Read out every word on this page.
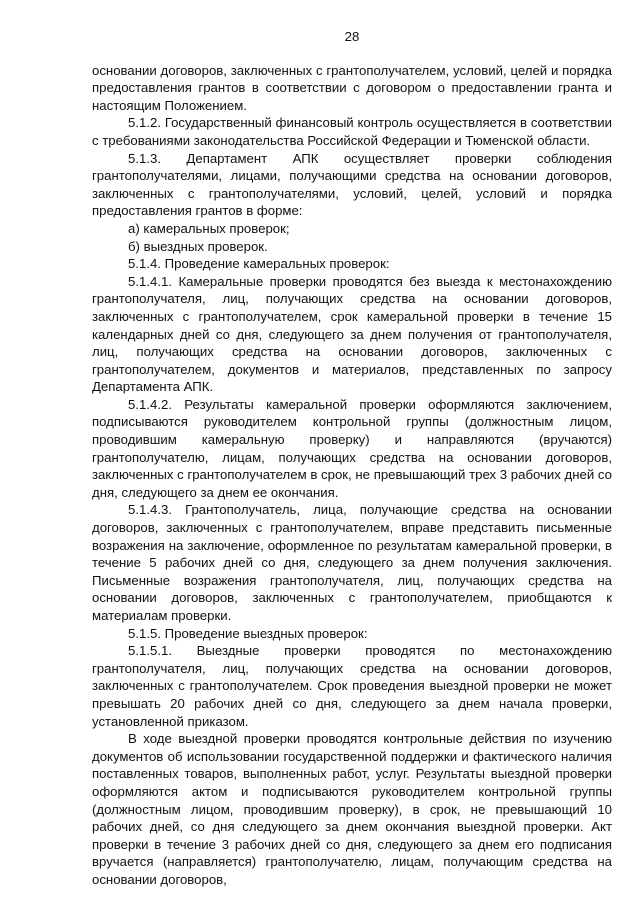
28

основании договоров, заключенных с грантополучателем, условий, целей и порядка предоставления грантов в соответствии с договором о предоставлении гранта и настоящим Положением.

5.1.2. Государственный финансовый контроль осуществляется в соответствии с требованиями законодательства Российской Федерации и Тюменской области.

5.1.3. Департамент АПК осуществляет проверки соблюдения грантополучателями, лицами, получающими средства на основании договоров, заключенных с грантополучателями, условий, целей, условий и порядка предоставления грантов в форме:

а) камеральных проверок;

б) выездных проверок.

5.1.4. Проведение камеральных проверок:

5.1.4.1. Камеральные проверки проводятся без выезда к местонахождению грантополучателя, лиц, получающих средства на основании договоров, заключенных с грантополучателем, срок камеральной проверки в течение 15 календарных дней со дня, следующего за днем получения от грантополучателя, лиц, получающих средства на основании договоров, заключенных с грантополучателем, документов и материалов, представленных по запросу Департамента АПК.

5.1.4.2. Результаты камеральной проверки оформляются заключением, подписываются руководителем контрольной группы (должностным лицом, проводившим камеральную проверку) и направляются (вручаются) грантополучателю, лицам, получающих средства на основании договоров, заключенных с грантополучателем в срок, не превышающий трех 3 рабочих дней со дня, следующего за днем ее окончания.

5.1.4.3. Грантополучатель, лица, получающие средства на основании договоров, заключенных с грантополучателем, вправе представить письменные возражения на заключение, оформленное по результатам камеральной проверки, в течение 5 рабочих дней со дня, следующего за днем получения заключения. Письменные возражения грантополучателя, лиц, получающих средства на основании договоров, заключенных с грантополучателем, приобщаются к материалам проверки.

5.1.5. Проведение выездных проверок:

5.1.5.1. Выездные проверки проводятся по местонахождению грантополучателя, лиц, получающих средства на основании договоров, заключенных с грантополучателем. Срок проведения выездной проверки не может превышать 20 рабочих дней со дня, следующего за днем начала проверки, установленной приказом.

В ходе выездной проверки проводятся контрольные действия по изучению документов об использовании государственной поддержки и фактического наличия поставленных товаров, выполненных работ, услуг. Результаты выездной проверки оформляются актом и подписываются руководителем контрольной группы (должностным лицом, проводившим проверку), в срок, не превышающий 10 рабочих дней, со дня следующего за днем окончания выездной проверки. Акт проверки в течение 3 рабочих дней со дня, следующего за днем его подписания вручается (направляется) грантополучателю, лицам, получающим средства на основании договоров,
